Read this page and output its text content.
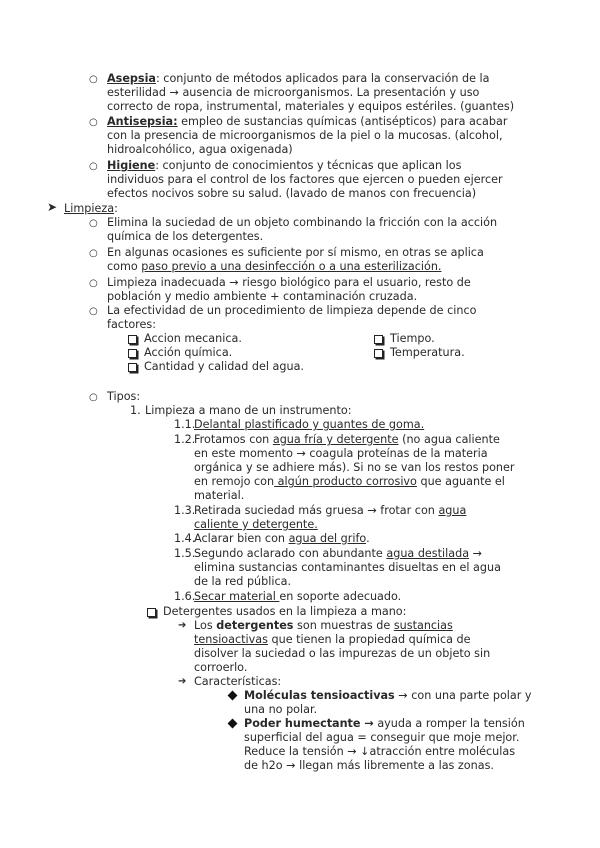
○ Asepsia: conjunto de métodos aplicados para la conservación de la
esterilidad → ausencia de microorganismos. La presentación y uso
correcto de ropa, instrumental, materiales y equipos estériles. (guantes)
○ Antisepsia: empleo de sustancias químicas (antisépticos) para acabar
con la presencia de microorganismos de la piel o la mucosas. (alcohol,
hidroalcohólico, agua oxigenada)
○ Higiene: conjunto de conocimientos y técnicas que aplican los
individuos para el control de los factores que ejercen o pueden ejercer
efectos nocivos sobre su salud. (lavado de manos con frecuencia)
➤ Limpieza:
○ Elimina la suciedad de un objeto combinando la fricción con la acción
química de los detergentes.
○ En algunas ocasiones es suficiente por sí mismo, en otras se aplica
como paso previo a una desinfección o a una esterilización.
○ Limpieza inadecuada → riesgo biológico para el usuario, resto de
población y medio ambiente + contaminación cruzada.
○ La efectividad de un procedimiento de limpieza depende de cinco
factores:
Accion mecanica.
Acción química.
Cantidad y calidad del agua.
Tiempo.
Temperatura.
○ Tipos:
1. Limpieza a mano de un instrumento:
1.1.
Delantal plastificado y guantes de goma.
1.2.
Frotamos con agua fría y detergente (no agua caliente
en este momento → coagula proteínas de la materia
orgánica y se adhiere más). Si no se van los restos poner
en remojo con algún producto corrosivo que aguante el
material.
1.3.
Retirada suciedad más gruesa → frotar con agua
caliente y detergente.
1.4.
Aclarar bien con agua del grifo.
1.5.
Segundo aclarado con abundante agua destilada →
elimina sustancias contaminantes disueltas en el agua
de la red pública.
1.6.
Secar material en soporte adecuado.
Detergentes usados en la limpieza a mano:
➔ Los detergentes son muestras de sustancias
tensioactivas que tienen la propiedad química de
disolver la suciedad o las impurezas de un objeto sin
corroerlo.
➔ Características:
Moléculas tensioactivas → con una parte polar y
una no polar.
Poder humectante → ayuda a romper la tensión
superficial del agua = conseguir que moje mejor.
Reduce la tensión → ↓atracción entre moléculas
de h2o → llegan más libremente a las zonas.
